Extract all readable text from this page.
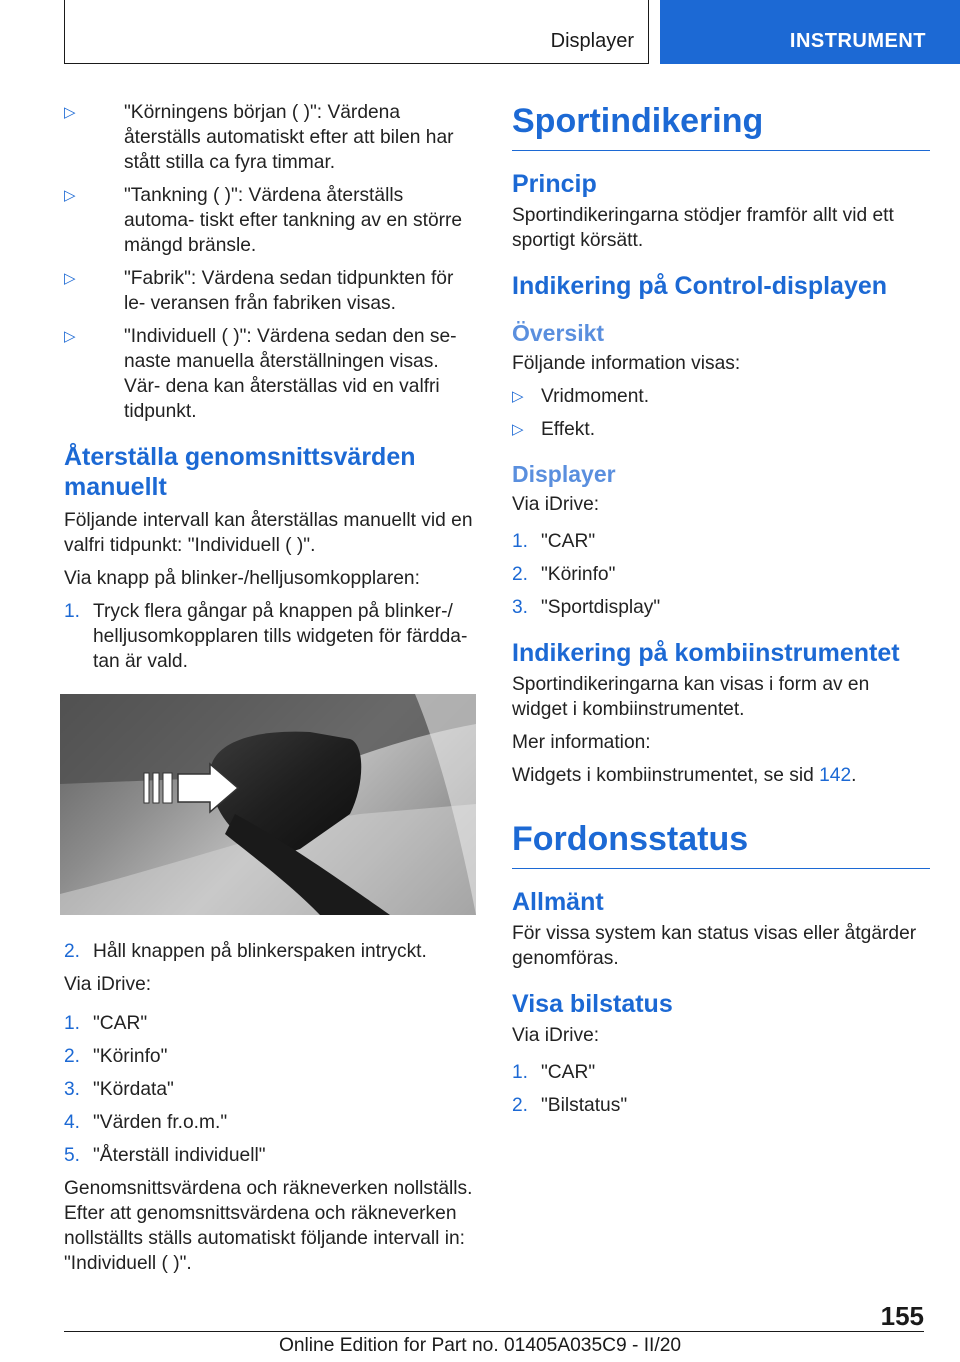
Displayer	INSTRUMENT
▷	"Körningens början ( )": Värdena återställs automatiskt efter att bilen har stått stilla ca fyra timmar.
▷	"Tankning ( )": Värdena återställs automa‐ tiskt efter tankning av en större mängd bränsle.
▷	"Fabrik": Värdena sedan tidpunkten för le‐ veransen från fabriken visas.
▷	"Individuell ( )": Värdena sedan den se‐ naste manuella återställningen visas. Vär‐ dena kan återställas vid en valfri tidpunkt.
Återställa genomsnittsvärden manuellt

Följande intervall kan återställas manuellt vid en valfri tidpunkt: "Individuell ( )".

Via knapp på blinker-/helljusomkopplaren:

1. Tryck flera gångar på knappen på blinker-/ helljusomkopplaren tills widgeten för färdda‐ tan är vald.
2. Håll knappen på blinkerspaken intryckt.

Via iDrive:

1. "CAR"
2. "Körinfo"
3. "Kördata"
4. "Värden fr.o.m."
5. "Återställ individuell"

Genomsnittsvärdena och räkneverken nollställs. Efter att genomsnittsvärdena och räkneverken nollställts ställs automatiskt följande intervall in: "Individuell ( )".

Sportindikering
Princip

Sportindikeringarna stödjer framför allt vid ett sportigt körsätt.

Indikering på Control-displayen
Översikt

Följande information visas:

▷ Vridmoment.
▷ Effekt.
Displayer

Via iDrive:

1. "CAR"
2. "Körinfo"
3. "Sportdisplay"
Indikering på kombiinstrumentet

Sportindikeringarna kan visas i form av en widget i kombiinstrumentet.

Mer information:

Widgets i kombiinstrumentet, se sid 142.

Fordonsstatus
Allmänt

För vissa system kan status visas eller åtgärder genomföras.

Visa bilstatus

Via iDrive:

1. "CAR"
2. "Bilstatus"
155
Online Edition for Part no. 01405A035C9 - II/20
